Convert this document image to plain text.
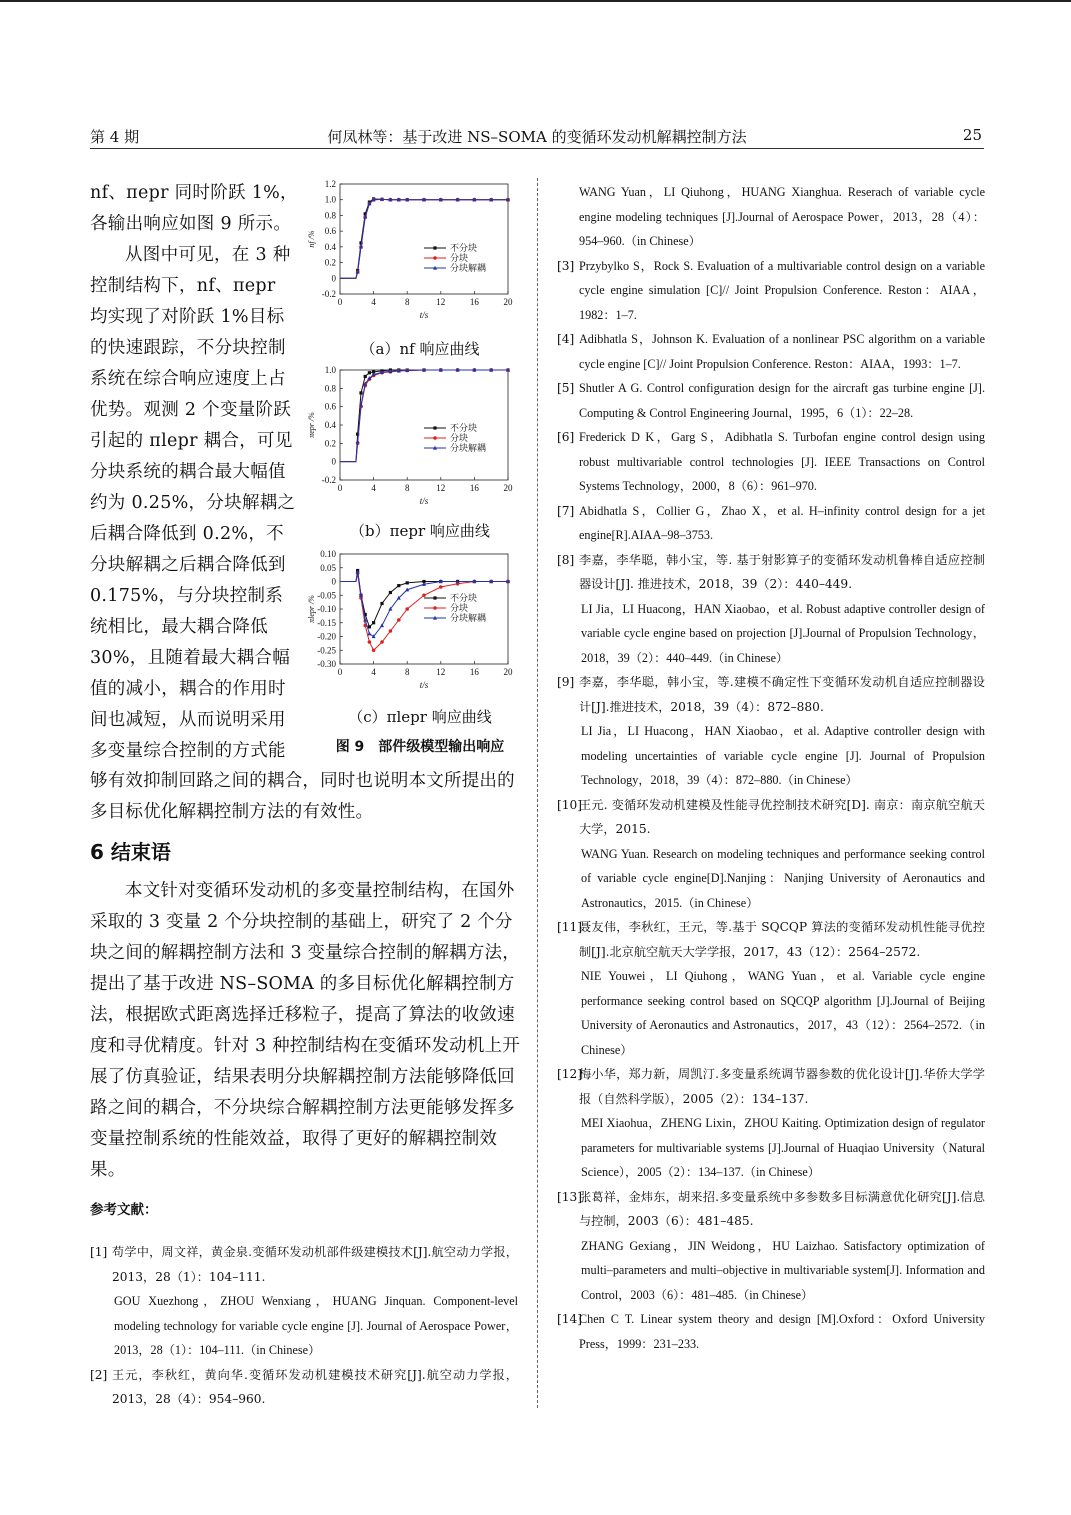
第 4 期	何凤林等：基于改进 NS–SOMA 的变循环发动机解耦控制方法	25

nf、πepr 同时阶跃 1%，各输出响应如图 9 所示。

从图中可见，在 3 种控制结构下，nf、πepr 均实现了对阶跃 1%目标的快速跟踪，不分块控制系统在综合响应速度上占优势。观测 2 个变量阶跃引起的 πlepr 耦合，可见分块系统的耦合最大幅值约为 0.25%，分块解耦之后耦合降低到 0.2%，不分块解耦之后耦合降低到 0.175%，与分块控制系统相比，最大耦合降低 30%，且随着最大耦合幅值的减小，耦合的作用时间也减短，从而说明采用多变量综合控制的方式能

够有效抑制回路之间的耦合，同时也说明本文所提出的多目标优化解耦控制方法的有效性。

6 结束语

本文针对变循环发动机的多变量控制结构，在国外采取的 3 变量 2 个分块控制的基础上，研究了 2 个分块之间的解耦控制方法和 3 变量综合控制的解耦方法，提出了基于改进 NS–SOMA 的多目标优化解耦控制方法，根据欧式距离选择迁移粒子，提高了算法的收敛速度和寻优精度。针对 3 种控制结构在变循环发动机上开展了仿真验证，结果表明分块解耦控制方法能够降低回路之间的耦合，不分块综合解耦控制方法更能够发挥多变量控制系统的性能效益，取得了更好的解耦控制效果。

参考文献：
[1] 苟学中，周文祥，黄金泉.变循环发动机部件级建模技术[J].航空动力学报，2013，28（1）：104–111.
GOU Xuezhong，ZHOU Wenxiang，HUANG Jinquan. Component-level modeling technology for variable cycle engine [J]. Journal of Aerospace Power，2013，28（1）：104–111.（in Chinese）
[2] 王元，李秋红，黄向华.变循环发动机建模技术研究[J].航空动力学报，2013，28（4）：954–960.
WANG Yuan，LI Qiuhong，HUANG Xianghua. Reserach of variable cycle engine modeling techniques [J].Journal of Aerospace Power，2013，28（4）：954–960.（in Chinese）
[3] Przybylko S，Rock S. Evaluation of a multivariable control design on a variable cycle engine simulation [C]// Joint Propulsion Conference. Reston：AIAA，1982：1–7.
[4] Adibhatla S，Johnson K. Evaluation of a nonlinear PSC algorithm on a variable cycle engine [C]// Joint Propulsion Conference. Reston：AIAA，1993：1–7.
[5] Shutler A G. Control configuration design for the aircraft gas turbine engine [J]. Computing & Control Engineering Journal，1995，6（1）：22–28.
[6] Frederick D K，Garg S，Adibhatla S. Turbofan engine control design using robust multivariable control technologies [J]. IEEE Transactions on Control Systems Technology，2000，8（6）：961–970.
[7] Abidhatla S，Collier G，Zhao X，et al. H–infinity control design for a jet engine[R].AIAA–98–3753.
[8] 李嘉，李华聪，韩小宝，等. 基于射影算子的变循环发动机鲁棒自适应控制器设计[J]. 推进技术，2018，39（2）：440–449.
LI Jia，LI Huacong，HAN Xiaobao，et al. Robust adaptive controller design of variable cycle engine based on projection [J].Journal of Propulsion Technology，2018，39（2）：440–449.（in Chinese）
[9] 李嘉，李华聪，韩小宝，等.建模不确定性下变循环发动机自适应控制器设计[J].推进技术，2018，39（4）：872–880.
LI Jia，LI Huacong，HAN Xiaobao，et al. Adaptive controller design with modeling uncertainties of variable cycle engine [J]. Journal of Propulsion Technology，2018，39（4）：872–880.（in Chinese）
[10]
王元. 变循环发动机建模及性能寻优控制技术研究[D]. 南京：南京航空航天大学，2015.
WANG Yuan. Research on modeling techniques and performance seeking control of variable cycle engine[D].Nanjing：Nanjing University of Aeronautics and Astronautics，2015.（in Chinese）
[11]
聂友伟，李秋红，王元，等.基于 SQCQP 算法的变循环发动机性能寻优控制[J].北京航空航天大学学报，2017，43（12）：2564–2572.
NIE Youwei，LI Qiuhong，WANG Yuan，et al. Variable cycle engine performance seeking control based on SQCQP algorithm [J].Journal of Beijing University of Aeronautics and Astronautics，2017，43（12）：2564–2572.（in Chinese）
[12]
梅小华，郑力新，周凯汀.多变量系统调节器参数的优化设计[J].华侨大学学报（自然科学版），2005（2）：134–137.
MEI Xiaohua，ZHENG Lixin，ZHOU Kaiting. Optimization design of regulator parameters for multivariable systems [J].Journal of Huaqiao University（Natural Science），2005（2）：134–137.（in Chinese）
[13]
张葛祥，金炜东，胡来招.多变量系统中多参数多目标满意优化研究[J].信息与控制，2003（6）：481–485.
ZHANG Gexiang，JIN Weidong，HU Laizhao. Satisfactory optimization of multi–parameters and multi–objective in multivariable system[J]. Information and Control，2003（6）：481–485.（in Chinese）
[14]
Chen C T. Linear system theory and design [M].Oxford：Oxford University Press，1999：231–233.
-0.2
0
0.2
0.4
0.6
0.8
1.0
1.2
0	4	8	12	16	20
t/s
nf /%
不分块
分块
分块解耦
（a）nf 响应曲线
-0.2
0
0.2
0.4
0.6
0.8
1.0
0	4	8	12	16	20
t/s
πepr /%	不分块
分块
分块解耦
（b）πepr 响应曲线
-0.30
-0.25
-0.20
-0.15
-0.10
-0.05
0
0.05
0.10
0	4	8	12	16	20
t/s
πlepr /%	不分块
分块
分块解耦
（c）πlepr 响应曲线
图 9　部件级模型输出响应
